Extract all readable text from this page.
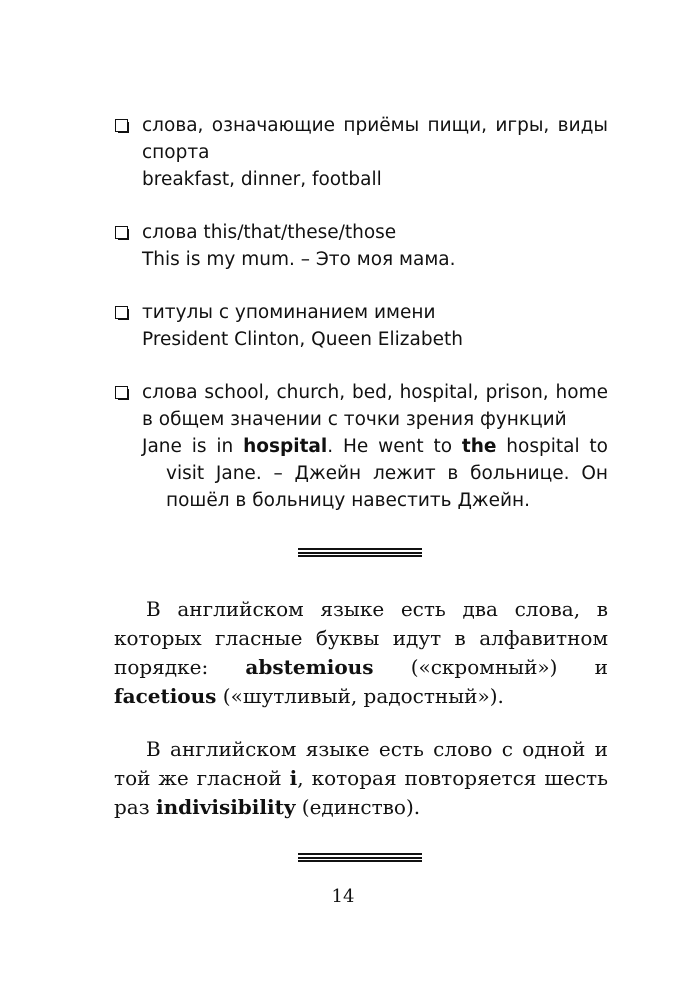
слова, означающие приёмы пищи, игры, виды спорта
breakfast, dinner, football
слова this/that/these/those
This is my mum. – Это моя мама.
титулы с упоминанием имени
President Clinton, Queen Elizabeth
слова school, church, bed, hospital, prison, home в общем значении с точки зрения функций
Jane is in hospital. He went to the hospital to visit Jane. – Джейн лежит в больнице. Он пошёл в больницу навестить Джейн.
В английском языке есть два слова, в которых гласные буквы идут в алфавитном порядке: abstemious («скромный») и facetious («шутливый, радостный»).
В английском языке есть слово с одной и той же гласной i, которая повторяется шесть раз indivisibility (единство).
14
